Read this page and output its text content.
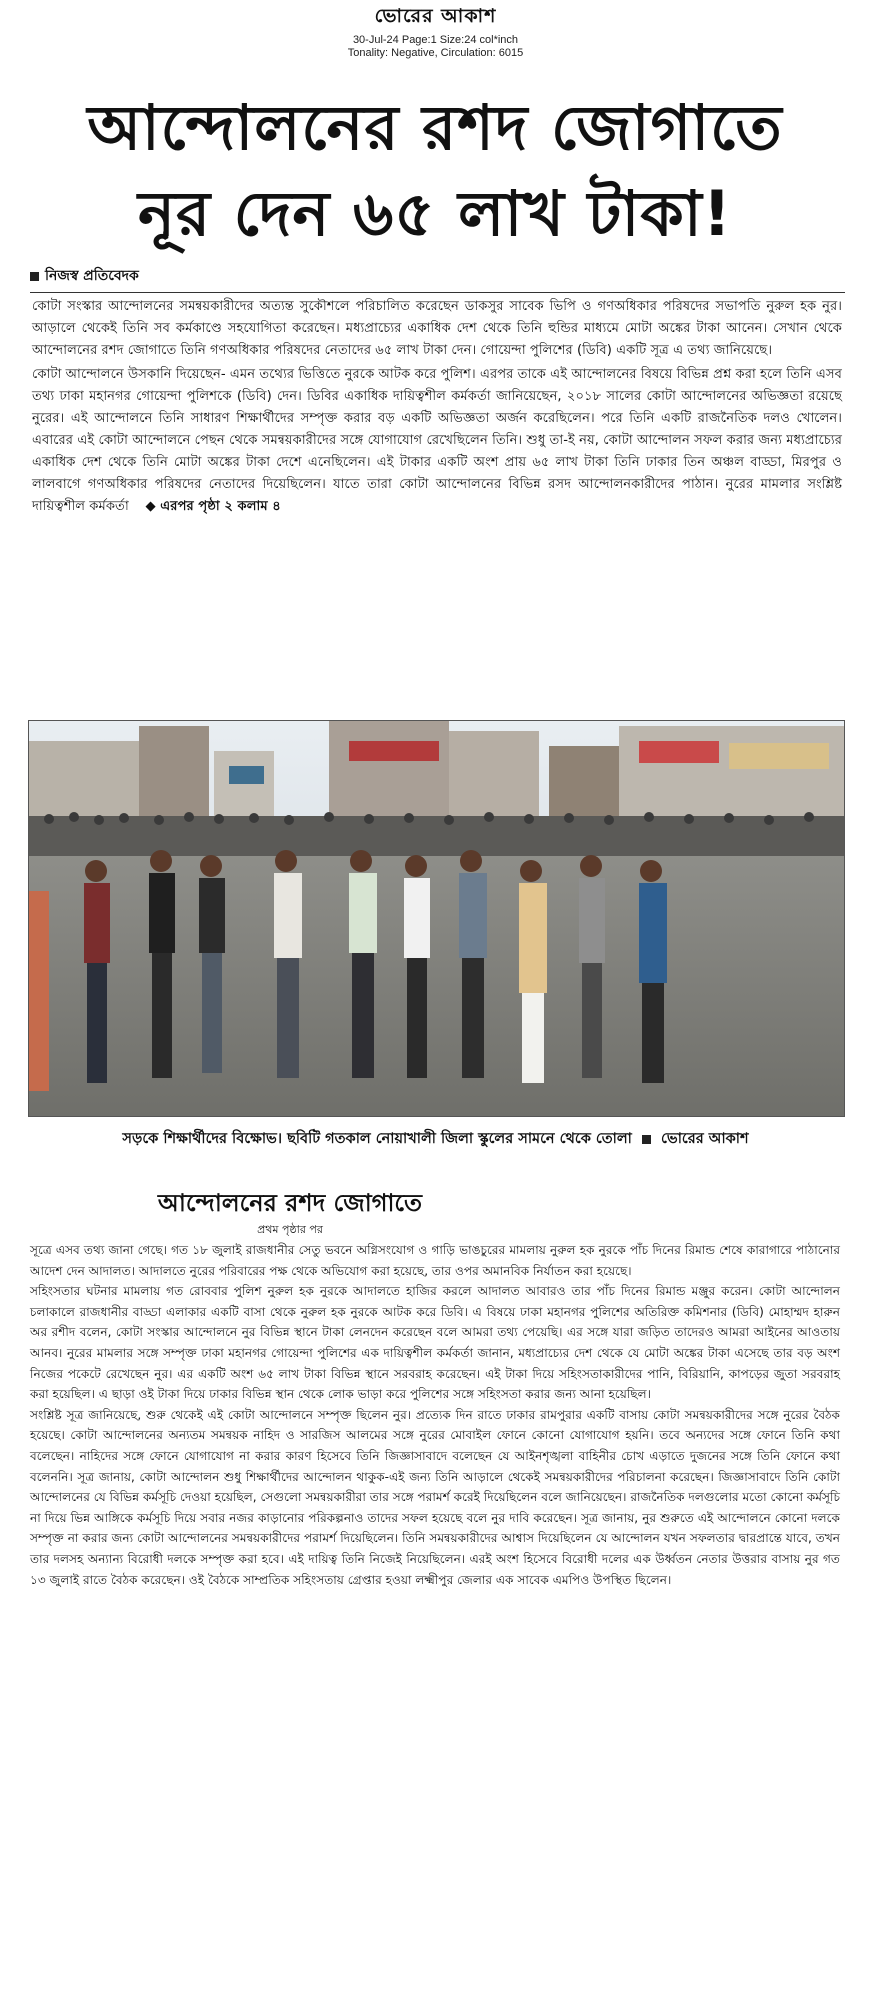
ভোরের আকাশ
30-Jul-24 Page:1 Size:24 col*inch
Tonality: Negative, Circulation: 6015
আন্দোলনের রশদ জোগাতে
নূর দেন ৬৫ লাখ টাকা!
নিজস্ব প্রতিবেদক

কোটা সংস্কার আন্দোলনের সমন্বয়কারীদের অত্যন্ত সুকৌশলে পরিচালিত করেছেন ডাকসুর সাবেক ভিপি ও গণঅধিকার পরিষদের সভাপতি নুরুল হক নুর। আড়ালে থেকেই তিনি সব কর্মকাণ্ডে সহযোগিতা করেছেন। মধ্যপ্রাচ্যের একাধিক দেশ থেকে তিনি হুন্ডির মাধ্যমে মোটা অঙ্কের টাকা আনেন। সেখান থেকে আন্দোলনের রশদ জোগাতে তিনি গণঅধিকার পরিষদের নেতাদের ৬৫ লাখ টাকা দেন। গোয়েন্দা পুলিশের (ডিবি) একটি সূত্র এ তথ্য জানিয়েছে।

কোটা আন্দোলনে উসকানি দিয়েছেন- এমন তথ্যের ভিত্তিতে নুরকে আটক করে পুলিশ। এরপর তাকে এই আন্দোলনের বিষয়ে বিভিন্ন প্রশ্ন করা হলে তিনি এসব তথ্য ঢাকা মহানগর গোয়েন্দা পুলিশকে (ডিবি) দেন। ডিবির একাধিক দায়িত্বশীল কর্মকর্তা জানিয়েছেন, ২০১৮ সালের কোটা আন্দোলনের অভিজ্ঞতা রয়েছে নুরের। এই আন্দোলনে তিনি সাধারণ শিক্ষার্থীদের সম্পৃক্ত করার বড় একটি অভিজ্ঞতা অর্জন করেছিলেন। পরে তিনি একটি রাজনৈতিক দলও খোলেন। এবারের এই কোটা আন্দোলনে পেছন থেকে সমন্বয়কারীদের সঙ্গে যোগাযোগ রেখেছিলেন তিনি। শুধু তা-ই নয়, কোটা আন্দোলন সফল করার জন্য মধ্যপ্রাচ্যের একাধিক দেশ থেকে তিনি মোটা অঙ্কের টাকা দেশে এনেছিলেন। এই টাকার একটি অংশ প্রায় ৬৫ লাখ টাকা তিনি ঢাকার তিন অঞ্চল বাড্ডা, মিরপুর ও লালবাগে গণঅধিকার পরিষদের নেতাদের দিয়েছিলেন। যাতে তারা কোটা আন্দোলনের বিভিন্ন রসদ আন্দোলনকারীদের পাঠান। নুরের মামলার সংশ্লিষ্ট দায়িত্বশীল কর্মকর্তা ◆ এরপর পৃষ্ঠা ২ কলাম ৪

সড়কে শিক্ষার্থীদের বিক্ষোভ। ছবিটি গতকাল নোয়াখালী জিলা স্কুলের সামনে থেকে তোলা ভোরের আকাশ
আন্দোলনের রশদ জোগাতে
প্রথম পৃষ্ঠার পর

সূত্রে এসব তথ্য জানা গেছে। গত ১৮ জুলাই রাজধানীর সেতু ভবনে অগ্নিসংযোগ ও গাড়ি ভাঙচুরের মামলায় নুরুল হক নুরকে পাঁচ দিনের রিমান্ড শেষে কারাগারে পাঠানোর আদেশ দেন আদালত। আদালতে নুরের পরিবারের পক্ষ থেকে অভিযোগ করা হয়েছে, তার ওপর অমানবিক নির্যাতন করা হয়েছে।

সহিংসতার ঘটনার মামলায় গত রোববার পুলিশ নুরুল হক নুরকে আদালতে হাজির করলে আদালত আবারও তার পাঁচ দিনের রিমান্ড মঞ্জুর করেন। কোটা আন্দোলন চলাকালে রাজধানীর বাড্ডা এলাকার একটি বাসা থেকে নুরুল হক নুরকে আটক করে ডিবি। এ বিষয়ে ঢাকা মহানগর পুলিশের অতিরিক্ত কমিশনার (ডিবি) মোহাম্মদ হারুন অর রশীদ বলেন, কোটা সংস্কার আন্দোলনে নুর বিভিন্ন স্থানে টাকা লেনদেন করেছেন বলে আমরা তথ্য পেয়েছি। এর সঙ্গে যারা জড়িত তাদেরও আমরা আইনের আওতায় আনব। নুরের মামলার সঙ্গে সম্পৃক্ত ঢাকা মহানগর গোয়েন্দা পুলিশের এক দায়িত্বশীল কর্মকর্তা জানান, মধ্যপ্রাচ্যের দেশ থেকে যে মোটা অঙ্কের টাকা এসেছে তার বড় অংশ নিজের পকেটে রেখেছেন নুর। এর একটি অংশ ৬৫ লাখ টাকা বিভিন্ন স্থানে সরবরাহ করেছেন। এই টাকা দিয়ে সহিংসতাকারীদের পানি, বিরিয়ানি, কাপড়ের জুতা সরবরাহ করা হয়েছিল। এ ছাড়া ওই টাকা দিয়ে ঢাকার বিভিন্ন স্থান থেকে লোক ভাড়া করে পুলিশের সঙ্গে সহিংসতা করার জন্য আনা হয়েছিল।

সংশ্লিষ্ট সূত্র জানিয়েছে, শুরু থেকেই এই কোটা আন্দোলনে সম্পৃক্ত ছিলেন নুর। প্রত্যেক দিন রাতে ঢাকার রামপুরার একটি বাসায় কোটা সমন্বয়কারীদের সঙ্গে নুরের বৈঠক হয়েছে। কোটা আন্দোলনের অন্যতম সমন্বয়ক নাহিদ ও সারজিস আলমের সঙ্গে নুরের মোবাইল ফোনে কোনো যোগাযোগ হয়নি। তবে অন্যদের সঙ্গে ফোনে তিনি কথা বলেছেন। নাহিদের সঙ্গে ফোনে যোগাযোগ না করার কারণ হিসেবে তিনি জিজ্ঞাসাবাদে বলেছেন যে আইনশৃঙ্খলা বাহিনীর চোখ এড়াতে দুজনের সঙ্গে তিনি ফোনে কথা বলেননি। সূত্র জানায়, কোটা আন্দোলন শুধু শিক্ষার্থীদের আন্দোলন থাকুক-এই জন্য তিনি আড়ালে থেকেই সমন্বয়কারীদের পরিচালনা করেছেন। জিজ্ঞাসাবাদে তিনি কোটা আন্দোলনের যে বিভিন্ন কর্মসূচি দেওয়া হয়েছিল, সেগুলো সমন্বয়কারীরা তার সঙ্গে পরামর্শ করেই দিয়েছিলেন বলে জানিয়েছেন। রাজনৈতিক দলগুলোর মতো কোনো কর্মসূচি না দিয়ে ভিন্ন আঙ্গিকে কর্মসূচি দিয়ে সবার নজর কাড়ানোর পরিকল্পনাও তাদের সফল হয়েছে বলে নুর দাবি করেছেন। সূত্র জানায়, নুর শুরুতে এই আন্দোলনে কোনো দলকে সম্পৃক্ত না করার জন্য কোটা আন্দোলনের সমন্বয়কারীদের পরামর্শ দিয়েছিলেন। তিনি সমন্বয়কারীদের আশ্বাস দিয়েছিলেন যে আন্দোলন যখন সফলতার দ্বারপ্রান্তে যাবে, তখন তার দলসহ অন্যান্য বিরোধী দলকে সম্পৃক্ত করা হবে। এই দায়িত্ব তিনি নিজেই নিয়েছিলেন। এরই অংশ হিসেবে বিরোধী দলের এক উর্ধ্বতন নেতার উত্তরার বাসায় নুর গত ১৩ জুলাই রাতে বৈঠক করেছেন। ওই বৈঠকে সাম্প্রতিক সহিংসতায় গ্রেপ্তার হওয়া লক্ষ্মীপুর জেলার এক সাবেক এমপিও উপস্থিত ছিলেন।
